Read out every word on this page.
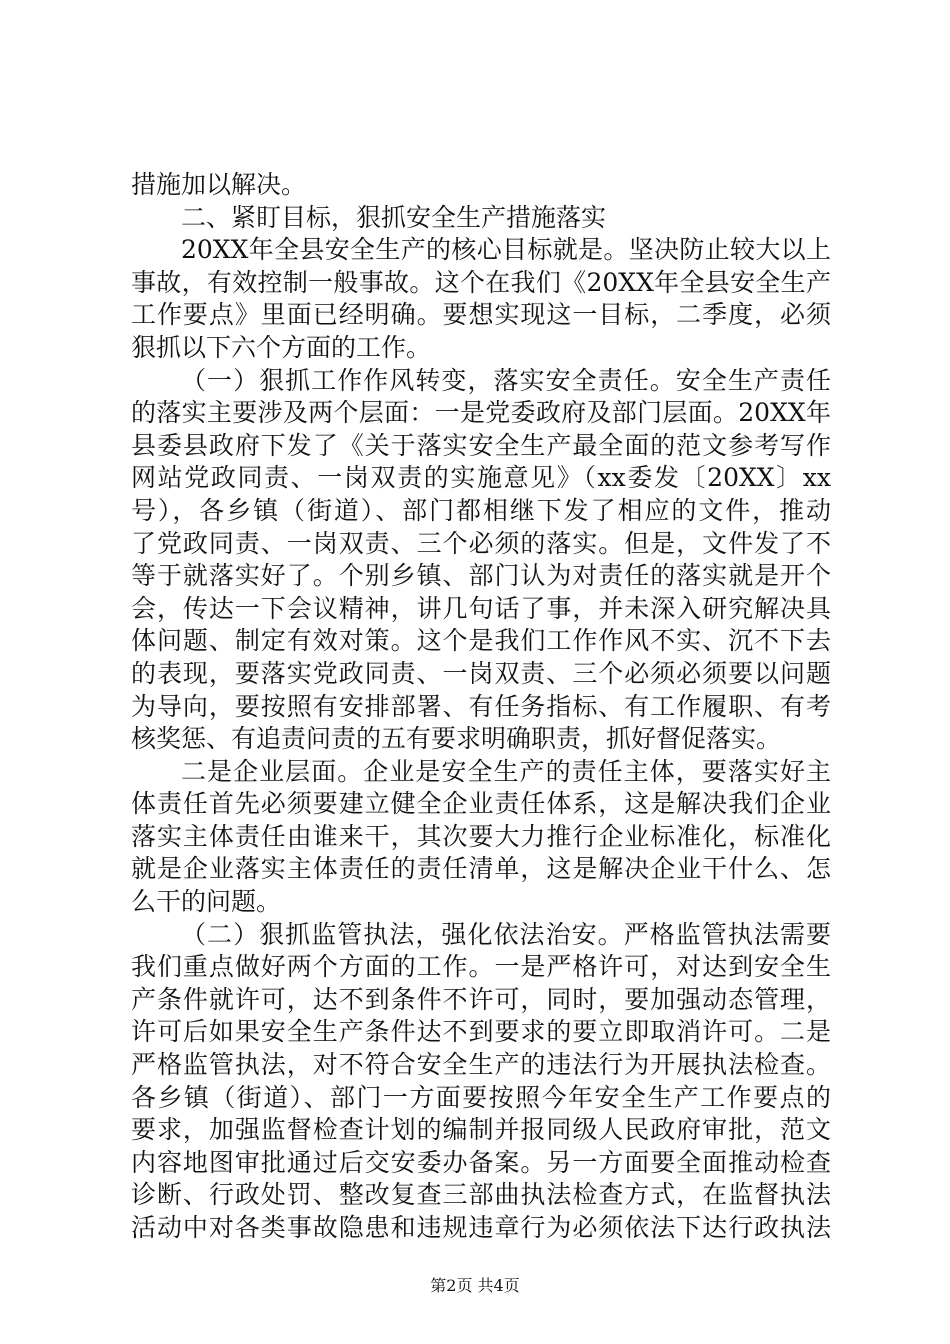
措施加以解决。
二、紧盯目标，狠抓安全生产措施落实
20XX年全县安全生产的核心目标就是。坚决防止较大以上
事故，有效控制一般事故。这个在我们《20XX年全县安全生产
工作要点》里面已经明确。要想实现这一目标，二季度，必须
狠抓以下六个方面的工作。
（一）狠抓工作作风转变，落实安全责任。安全生产责任
的落实主要涉及两个层面：一是党委政府及部门层面。20XX年
县委县政府下发了《关于落实安全生产最全面的范文参考写作
网站党政同责、一岗双责的实施意见》（xx委发〔20XX〕xx
号），各乡镇（街道）、部门都相继下发了相应的文件，推动
了党政同责、一岗双责、三个必须的落实。但是，文件发了不
等于就落实好了。个别乡镇、部门认为对责任的落实就是开个
会，传达一下会议精神，讲几句话了事，并未深入研究解决具
体问题、制定有效对策。这个是我们工作作风不实、沉不下去
的表现，要落实党政同责、一岗双责、三个必须必须要以问题
为导向，要按照有安排部署、有任务指标、有工作履职、有考
核奖惩、有追责问责的五有要求明确职责，抓好督促落实。
二是企业层面。企业是安全生产的责任主体，要落实好主
体责任首先必须要建立健全企业责任体系，这是解决我们企业
落实主体责任由谁来干，其次要大力推行企业标准化，标准化
就是企业落实主体责任的责任清单，这是解决企业干什么、怎
么干的问题。
（二）狠抓监管执法，强化依法治安。严格监管执法需要
我们重点做好两个方面的工作。一是严格许可，对达到安全生
产条件就许可，达不到条件不许可，同时，要加强动态管理，
许可后如果安全生产条件达不到要求的要立即取消许可。二是
严格监管执法，对不符合安全生产的违法行为开展执法检查。
各乡镇（街道）、部门一方面要按照今年安全生产工作要点的
要求，加强监督检查计划的编制并报同级人民政府审批，范文
内容地图审批通过后交安委办备案。另一方面要全面推动检查
诊断、行政处罚、整改复查三部曲执法检查方式，在监督执法
活动中对各类事故隐患和违规违章行为必须依法下达行政执法
第2页 共4页
